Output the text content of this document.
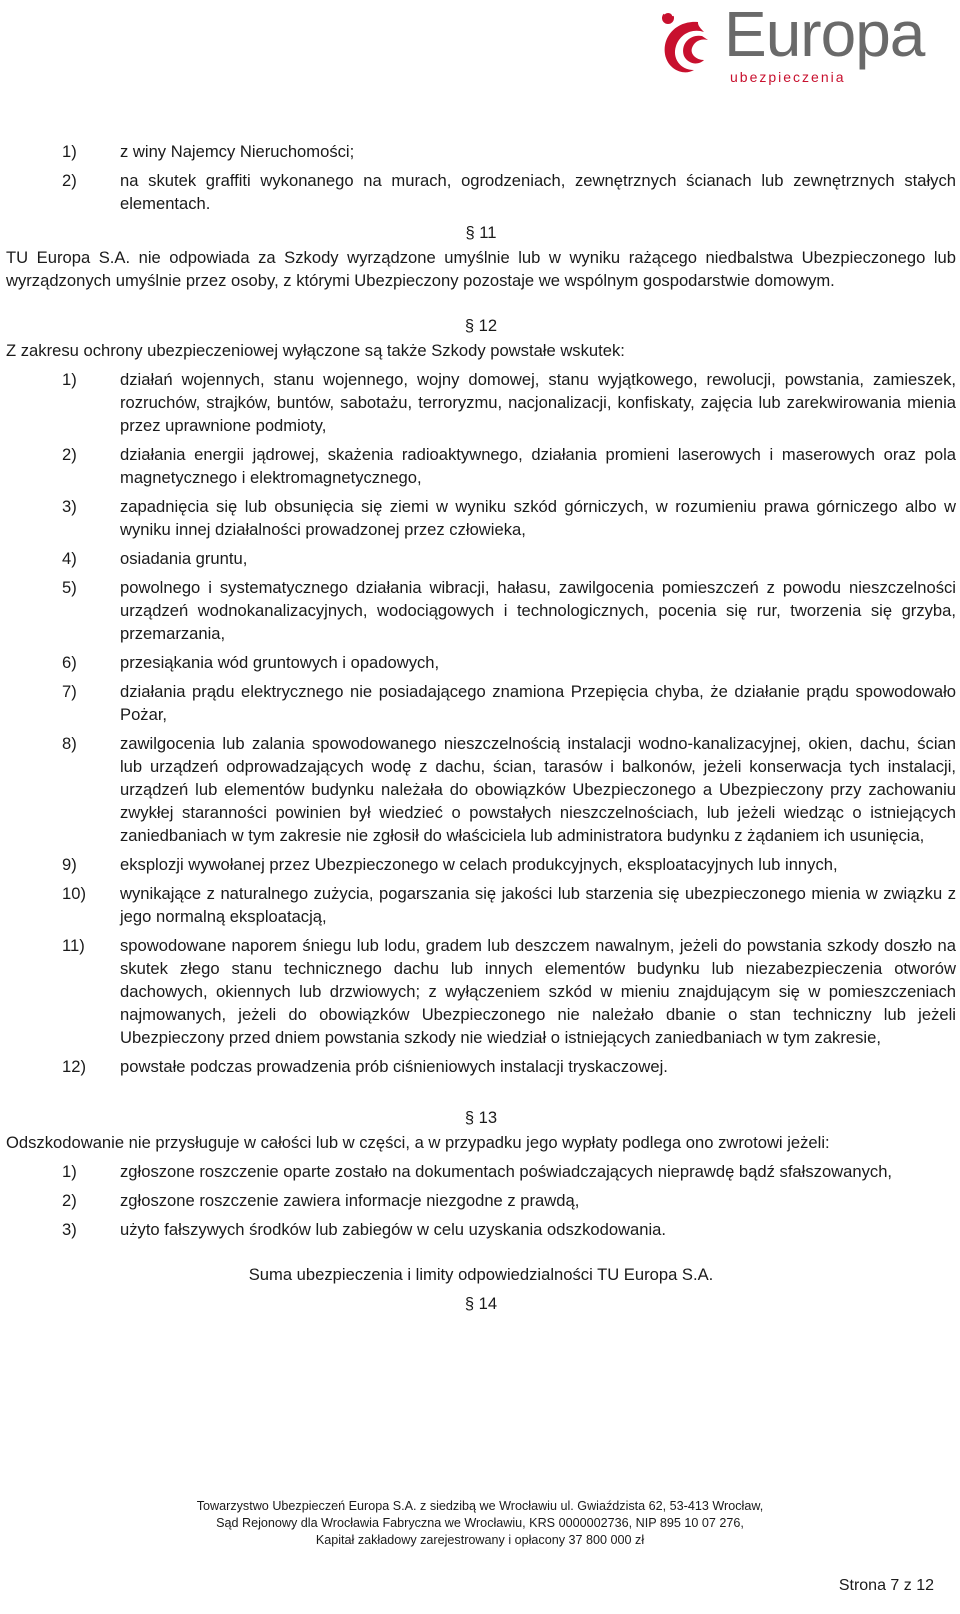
Europa
ubezpieczenia
1)	z winy Najemcy Nieruchomości;
2)	na skutek graffiti wykonanego na murach, ogrodzeniach, zewnętrznych ścianach lub zewnętrznych stałych elementach.
§ 11
TU Europa S.A. nie odpowiada za Szkody wyrządzone umyślnie lub w wyniku rażącego niedbalstwa Ubezpieczonego lub wyrządzonych umyślnie przez osoby, z którymi Ubezpieczony pozostaje we wspólnym gospodarstwie domowym.
§ 12
Z zakresu ochrony ubezpieczeniowej wyłączone są także Szkody powstałe wskutek:
1)	działań wojennych, stanu wojennego, wojny domowej, stanu wyjątkowego, rewolucji, powstania, zamieszek, rozruchów, strajków, buntów, sabotażu, terroryzmu, nacjonalizacji, konfiskaty, zajęcia lub zarekwirowania mienia przez uprawnione podmioty,
2)	działania energii jądrowej, skażenia radioaktywnego, działania promieni laserowych i maserowych oraz pola magnetycznego i elektromagnetycznego,
3)	zapadnięcia się lub obsunięcia się ziemi w wyniku szkód górniczych, w rozumieniu prawa górniczego albo w wyniku innej działalności prowadzonej przez człowieka,
4)	osiadania gruntu,
5)	powolnego i systematycznego działania wibracji, hałasu, zawilgocenia pomieszczeń z powodu nieszczelności urządzeń wodnokanalizacyjnych, wodociągowych i technologicznych, pocenia się rur, tworzenia się grzyba, przemarzania,
6)	przesiąkania wód gruntowych i opadowych,
7)	działania prądu elektrycznego nie posiadającego znamiona Przepięcia chyba, że działanie prądu spowodowało Pożar,
8)	zawilgocenia lub zalania spowodowanego nieszczelnością instalacji wodno-kanalizacyjnej, okien, dachu, ścian lub urządzeń odprowadzających wodę z dachu, ścian, tarasów i balkonów, jeżeli konserwacja tych instalacji, urządzeń lub elementów budynku należała do obowiązków Ubezpieczonego a Ubezpieczony przy zachowaniu zwykłej staranności powinien był wiedzieć o powstałych nieszczelnościach, lub jeżeli wiedząc o istniejących zaniedbaniach w tym zakresie nie zgłosił do właściciela lub administratora budynku z żądaniem ich usunięcia,
9)	eksplozji wywołanej przez Ubezpieczonego w celach produkcyjnych, eksploatacyjnych lub innych,
10) wynikające z naturalnego zużycia, pogarszania się jakości lub starzenia się ubezpieczonego mienia w związku z jego normalną eksploatacją,
11) spowodowane naporem śniegu lub lodu, gradem lub deszczem nawalnym, jeżeli do powstania szkody doszło na skutek złego stanu technicznego dachu lub innych elementów budynku lub niezabezpieczenia otworów dachowych, okiennych lub drzwiowych; z wyłączeniem szkód w mieniu znajdującym się w pomieszczeniach najmowanych, jeżeli do obowiązków Ubezpieczonego nie należało dbanie o stan techniczny lub jeżeli Ubezpieczony przed dniem powstania szkody nie wiedział o istniejących zaniedbaniach w tym zakresie,
12) powstałe podczas prowadzenia prób ciśnieniowych instalacji tryskaczowej.
§ 13
Odszkodowanie nie przysługuje w całości lub w części, a w przypadku jego wypłaty podlega ono zwrotowi jeżeli:
1)	zgłoszone roszczenie oparte zostało na dokumentach poświadczających nieprawdę bądź sfałszowanych,
2)	zgłoszone roszczenie zawiera informacje niezgodne z prawdą,
3)	użyto fałszywych środków lub zabiegów w celu uzyskania odszkodowania.
Suma ubezpieczenia i limity odpowiedzialności TU Europa S.A.
§ 14
Towarzystwo Ubezpieczeń Europa S.A. z siedzibą we Wrocławiu ul. Gwiaździsta 62, 53-413 Wrocław,
Sąd Rejonowy dla Wrocławia Fabryczna we Wrocławiu, KRS 0000002736, NIP 895 10 07 276,
Kapitał zakładowy zarejestrowany i opłacony 37 800 000 zł
Strona 7 z 12
